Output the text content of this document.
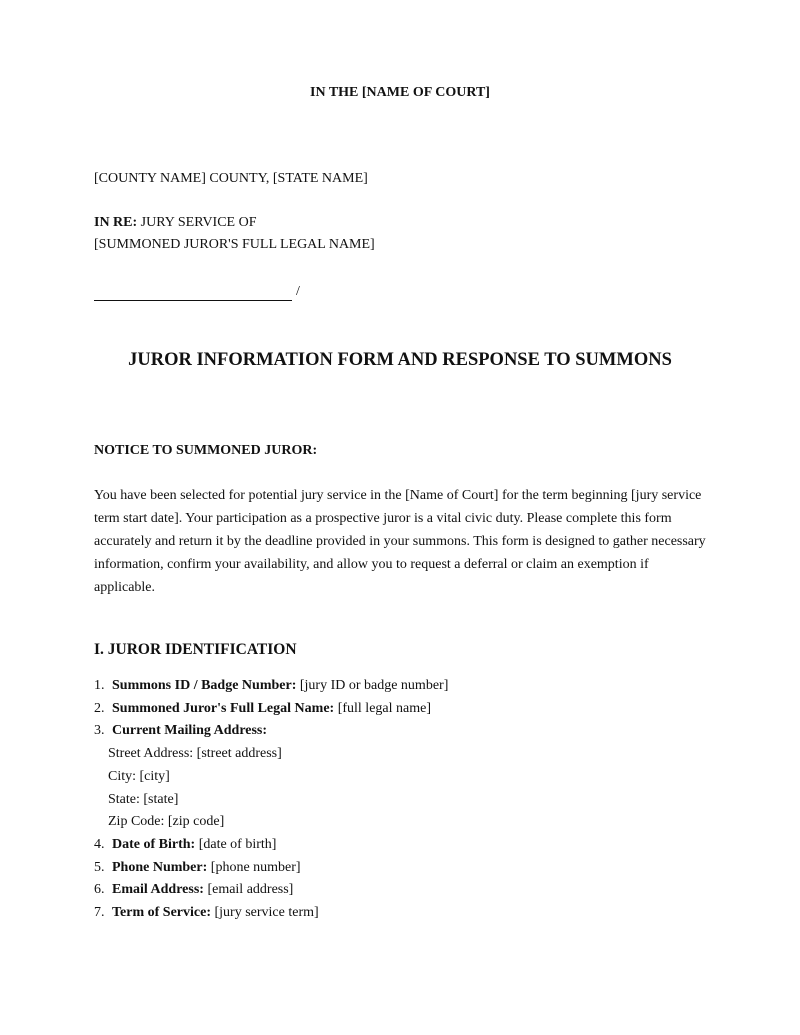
IN THE [NAME OF COURT]
[COUNTY NAME] COUNTY, [STATE NAME]
IN RE: JURY SERVICE OF
[SUMMONED JUROR'S FULL LEGAL NAME]
/
JUROR INFORMATION FORM AND RESPONSE TO SUMMONS
NOTICE TO SUMMONED JUROR:
You have been selected for potential jury service in the [Name of Court] for the term beginning [jury service term start date]. Your participation as a prospective juror is a vital civic duty. Please complete this form accurately and return it by the deadline provided in your summons. This form is designed to gather necessary information, confirm your availability, and allow you to request a deferral or claim an exemption if applicable.
I. JUROR IDENTIFICATION
1. Summons ID / Badge Number: [jury ID or badge number]
2. Summoned Juror's Full Legal Name: [full legal name]
3. Current Mailing Address:
Street Address: [street address]
City: [city]
State: [state]
Zip Code: [zip code]
4. Date of Birth: [date of birth]
5. Phone Number: [phone number]
6. Email Address: [email address]
7. Term of Service: [jury service term]
